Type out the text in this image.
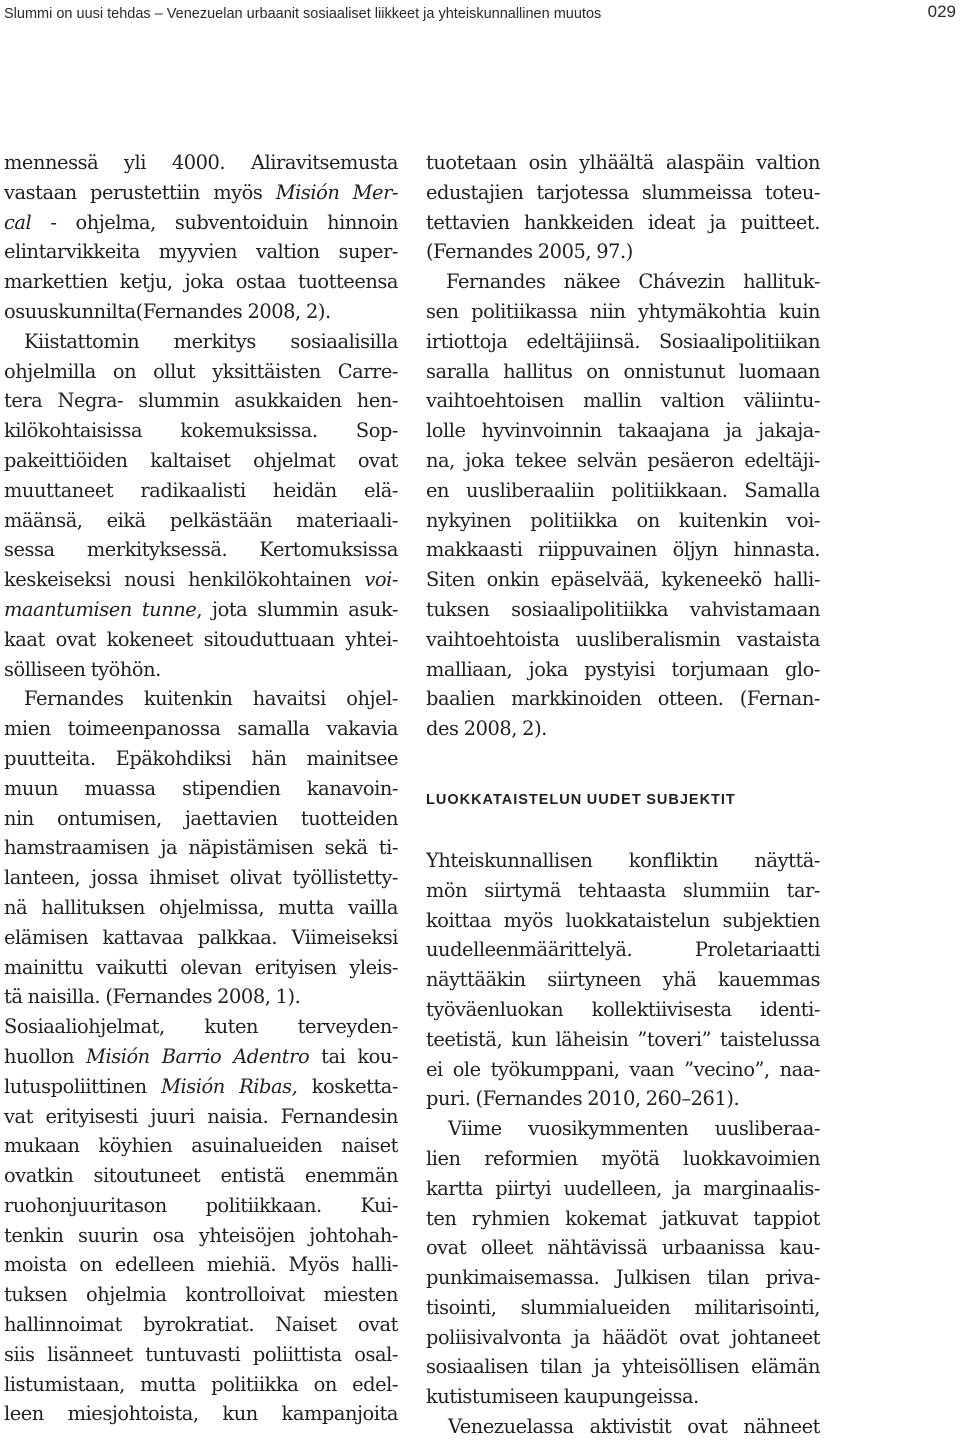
Slummi on uusi tehdas – Venezuelan urbaanit sosiaaliset liikkeet ja yhteiskunnallinen muutos	029
mennessä yli 4000. Aliravitsemusta
vastaan perustettiin myös Misión Mer-
cal - ohjelma, subventoiduin hinnoin
elintarvikkeita myyvien valtion super-
markettien ketju, joka ostaa tuotteensa
osuuskunnilta(Fernandes 2008, 2).
Kiistattomin merkitys sosiaalisilla
ohjelmilla on ollut yksittäisten Carre-
tera Negra- slummin asukkaiden hen-
kilökohtaisissa kokemuksissa. Sop-
pakeittiöiden kaltaiset ohjelmat ovat
muuttaneet radikaalisti heidän elä-
määnsä, eikä pelkästään materiaali-
sessa merkityksessä. Kertomuksissa
keskeiseksi nousi henkilökohtainen voi-
maantumisen tunne, jota slummin asuk-
kaat ovat kokeneet sitouduttuaan yhtei-
sölliseen työhön.
Fernandes kuitenkin havaitsi ohjel-
mien toimeenpanossa samalla vakavia
puutteita. Epäkohdiksi hän mainitsee
muun muassa stipendien kanavoin-
nin ontumisen, jaettavien tuotteiden
hamstraamisen ja näpistämisen sekä ti-
lanteen, jossa ihmiset olivat työllistetty-
nä hallituksen ohjelmissa, mutta vailla
elämisen kattavaa palkkaa. Viimeiseksi
mainittu vaikutti olevan erityisen yleis-
tä naisilla. (Fernandes 2008, 1).
Sosiaaliohjelmat, kuten terveyden-
huollon Misión Barrio Adentro tai kou-
lutuspoliittinen Misión Ribas, kosketta-
vat erityisesti juuri naisia. Fernandesin
mukaan köyhien asuinalueiden naiset
ovatkin sitoutuneet entistä enemmän
ruohonjuuritason politiikkaan. Kui-
tenkin suurin osa yhteisöjen johtohah-
moista on edelleen miehiä. Myös halli-
tuksen ohjelmia kontrolloivat miesten
hallinnoimat byrokratiat. Naiset ovat
siis lisänneet tuntuvasti poliittista osal-
listumistaan, mutta politiikka on edel-
leen miesjohtoista, kun kampanjoita
tuotetaan osin ylhäältä alaspäin valtion
edustajien tarjotessa slummeissa toteu-
tettavien hankkeiden ideat ja puitteet.
(Fernandes 2005, 97.)
Fernandes näkee Chávezin hallituk-
sen politiikassa niin yhtymäkohtia kuin
irtiottoja edeltäjiinsä. Sosiaalipolitiikan
saralla hallitus on onnistunut luomaan
vaihtoehtoisen mallin valtion väliintu-
lolle hyvinvoinnin takaajana ja jakaja-
na, joka tekee selvän pesäeron edeltäji-
en uusliberaaliin politiikkaan. Samalla
nykyinen politiikka on kuitenkin voi-
makkaasti riippuvainen öljyn hinnasta.
Siten onkin epäselvää, kykeneekö halli-
tuksen sosiaalipolitiikka vahvistamaan
vaihtoehtoista uusliberalismin vastaista
malliaan, joka pystyisi torjumaan glo-
baalien markkinoiden otteen. (Fernan-
des 2008, 2).
LUOKKATAISTELUN UUDET SUBJEKTIT
Yhteiskunnallisen konfliktin näyttä-
mön siirtymä tehtaasta slummiin tar-
koittaa myös luokkataistelun subjektien
uudelleenmäärittelyä. Proletariaatti
näyttääkin siirtyneen yhä kauemmas
työväenluokan kollektiivisesta identi-
teetistä, kun läheisin ”toveri” taistelussa
ei ole työkumppani, vaan ”vecino”, naa-
puri. (Fernandes 2010, 260–261).
Viime vuosikymmenten uusliberaa-
lien reformien myötä luokkavoimien
kartta piirtyi uudelleen, ja marginaalis-
ten ryhmien kokemat jatkuvat tappiot
ovat olleet nähtävissä urbaanissa kau-
punkimaisemassa. Julkisen tilan priva-
tisointi, slummialueiden militarisointi,
poliisivalvonta ja häädöt ovat johtaneet
sosiaalisen tilan ja yhteisöllisen elämän
kutistumiseen kaupungeissa.
Venezuelassa aktivistit ovat nähneet
